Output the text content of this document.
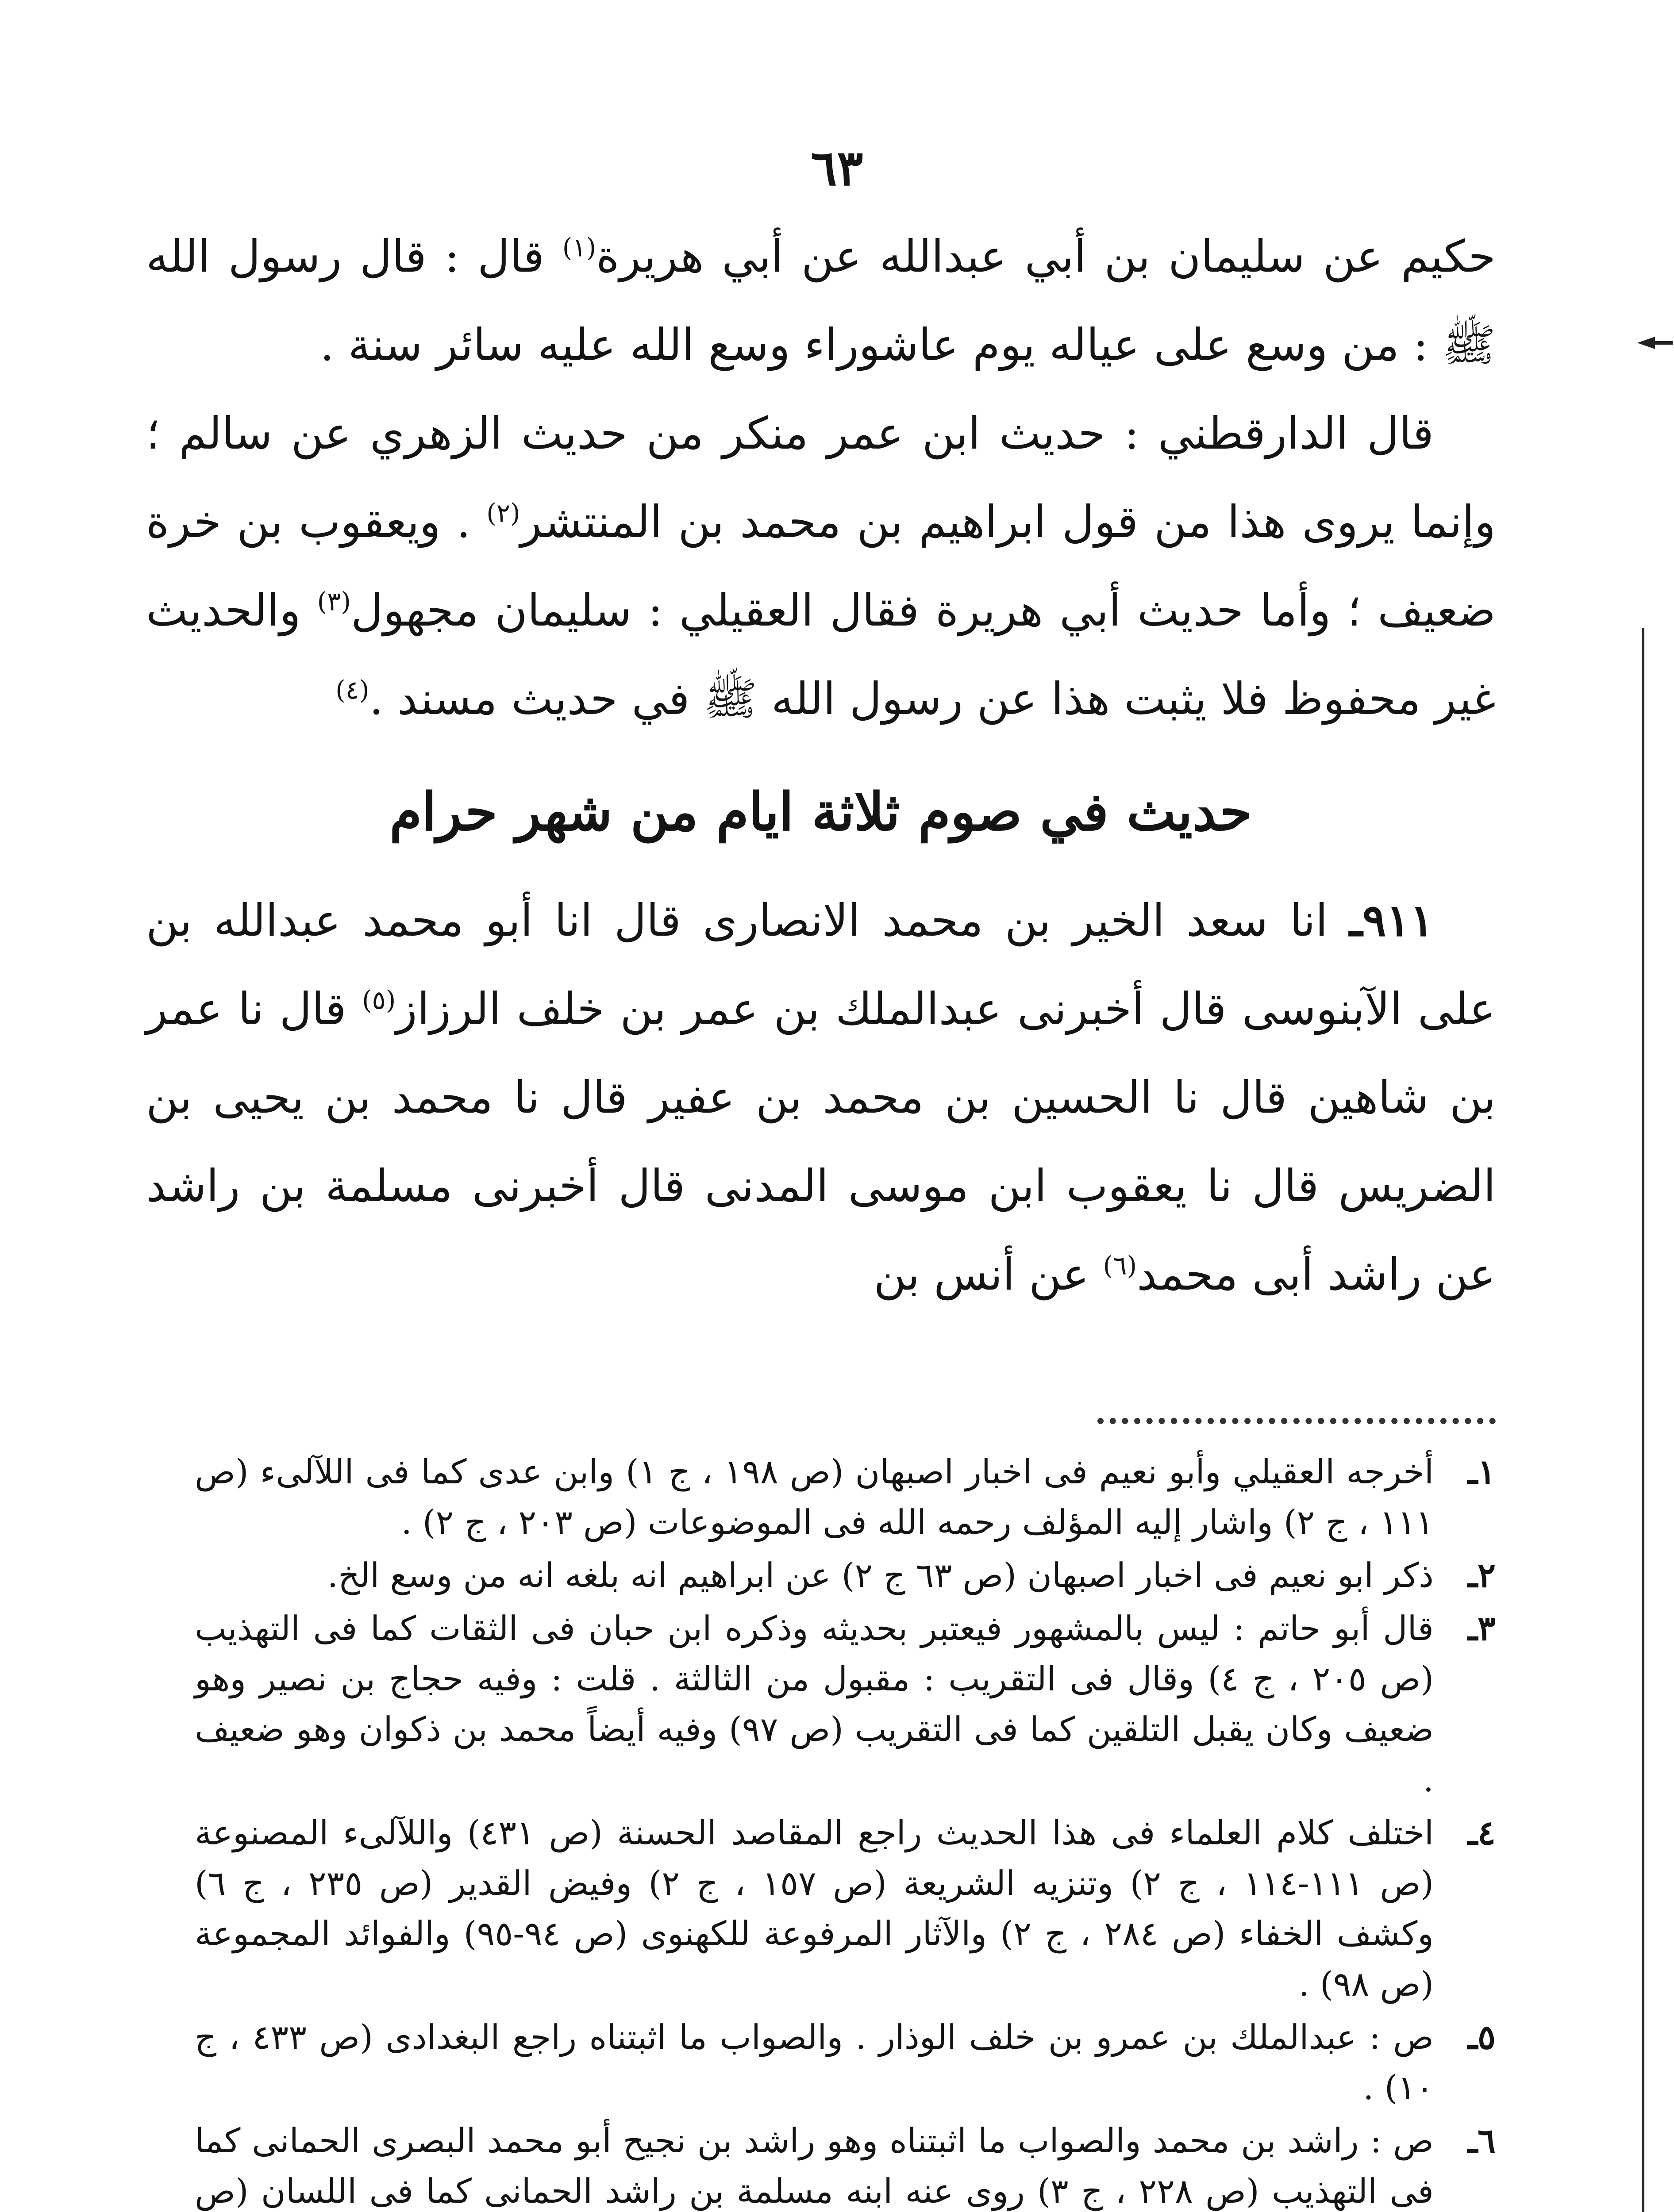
٦٣

حكيم عن سليمان بن أبي عبدالله عن أبي هريرة$^{(١)}$ قال : قال رسول الله ﷺ : من وسع على عياله يوم عاشوراء وسع الله عليه سائر سنة .

قال الدارقطني : حديث ابن عمر منكر من حديث الزهري عن سالم ؛ وإنما يروى هذا من قول ابراهيم بن محمد بن المنتشر$^{(٢)}$ . ويعقوب بن خرة ضعيف ؛ وأما حديث أبي هريرة فقال العقيلي : سليمان مجهول$^{(٣)}$ والحديث غير محفوظ فلا يثبت هذا عن رسول الله ﷺ في حديث مسند .$^{(٤)}$

حديث في صوم ثلاثة ايام من شهر حرام

٩١١ـ انا سعد الخير بن محمد الانصارى قال انا أبو محمد عبدالله بن على الآبنوسى قال أخبرنى عبدالملك بن عمر بن خلف الرزاز$^{(٥)}$ قال نا عمر بن شاهين قال نا الحسين بن محمد بن عفير قال نا محمد بن يحيى بن الضريس قال نا يعقوب ابن موسى المدنى قال أخبرنى مسلمة بن راشد عن راشد أبى محمد$^{(٦)}$ عن أنس بن

١ـ
أخرجه العقيلي وأبو نعيم فى اخبار اصبهان (ص ١٩٨ ، ج ١) وابن عدى كما فى اللآلىء (ص ١١١ ، ج ٢) واشار إليه المؤلف رحمه الله فى الموضوعات (ص ٢٠٣ ، ج ٢) .
٢ـ
ذكر ابو نعيم فى اخبار اصبهان (ص ٦٣ ج ٢) عن ابراهيم انه بلغه انه من وسع الخ.
٣ـ
قال أبو حاتم : ليس بالمشهور فيعتبر بحديثه وذكره ابن حبان فى الثقات كما فى التهذيب (ص ٢٠٥ ، ج ٤) وقال فى التقريب : مقبول من الثالثة . قلت : وفيه حجاج بن نصير وهو ضعيف وكان يقبل التلقين كما فى التقريب (ص ٩٧) وفيه أيضاً محمد بن ذكوان وهو ضعيف .
٤ـ
اختلف كلام العلماء فى هذا الحديث راجع المقاصد الحسنة (ص ٤٣١) واللآلىء المصنوعة (ص ١١١-١١٤ ، ج ٢) وتنزيه الشريعة (ص ١٥٧ ، ج ٢) وفيض القدير (ص ٢٣٥ ، ج ٦) وكشف الخفاء (ص ٢٨٤ ، ج ٢) والآثار المرفوعة للكهنوى (ص ٩٤-٩٥) والفوائد المجموعة (ص ٩٨) .
٥ـ
ص : عبدالملك بن عمرو بن خلف الوذار . والصواب ما اثبتناه راجع البغدادى (ص ٤٣٣ ، ج ١٠) .
٦ـ
ص : راشد بن محمد والصواب ما اثبتناه وهو راشد بن نجيح أبو محمد البصرى الحمانى كما فى التهذيب (ص ٢٢٨ ، ج ٣) روى عنه ابنه مسلمة بن راشد الحمانى كما فى اللسان (ص
